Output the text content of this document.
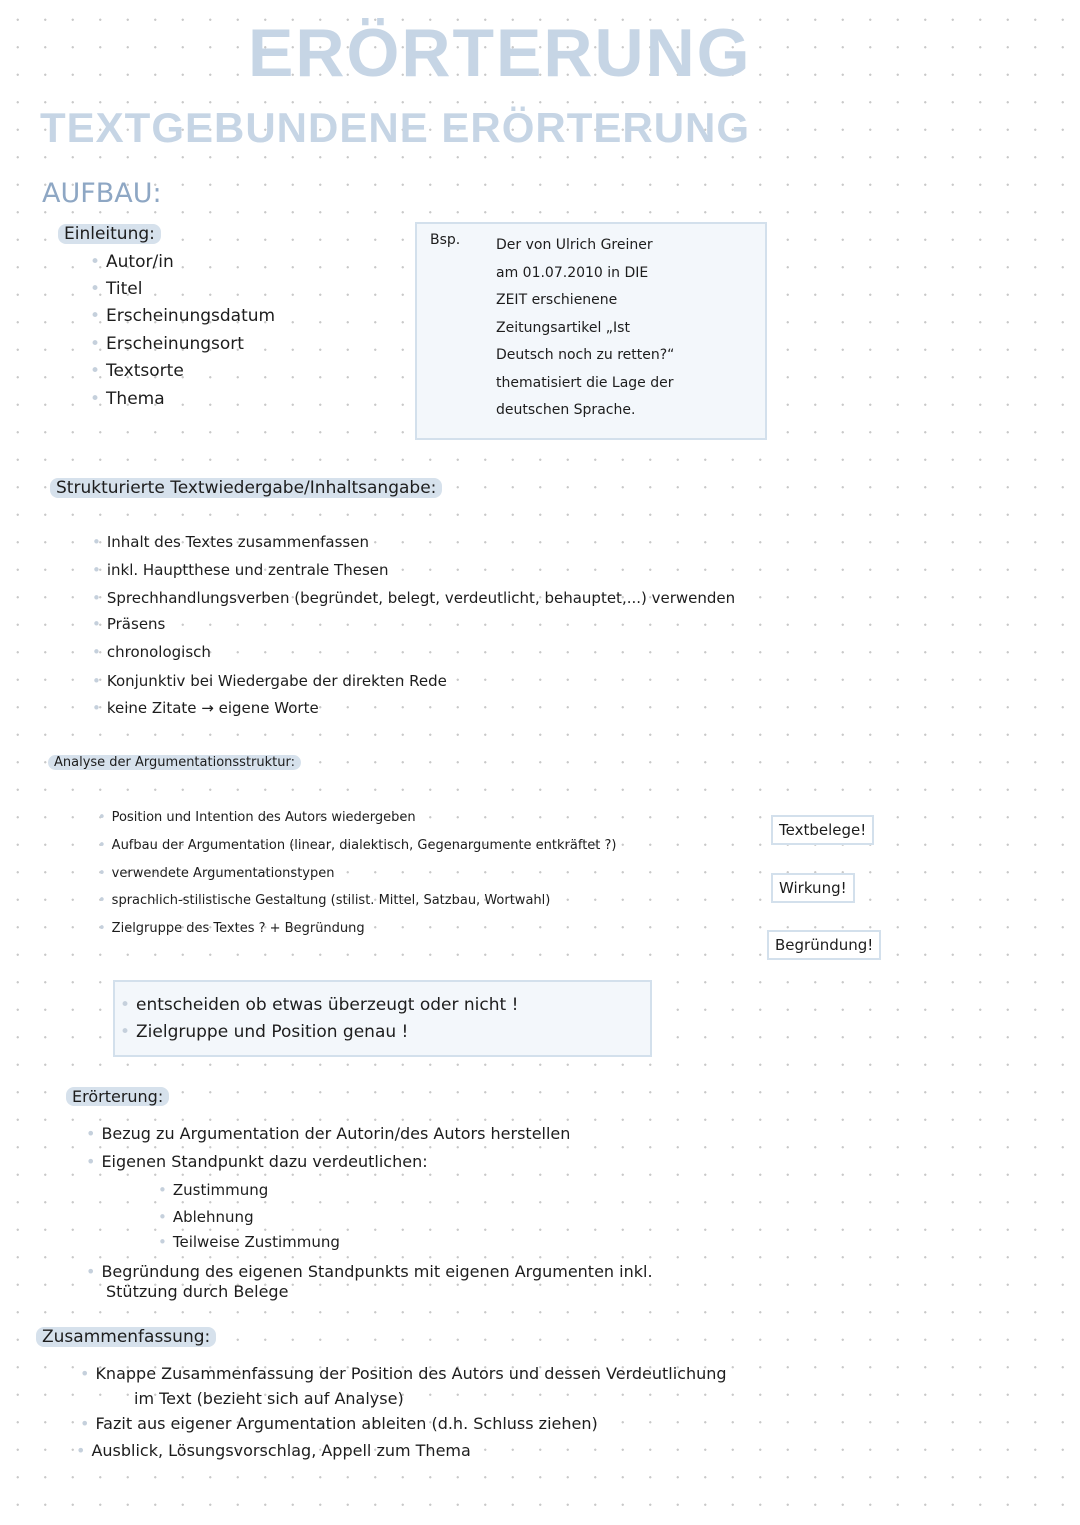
ERÖRTERUNG
TEXTGEBUNDENE ERÖRTERUNG
AUFBAU:
Einleitung:
• Autor/in
• Titel
• Erscheinungsdatum
• Erscheinungsort
• Textsorte
• Thema
Bsp.	Der von Ulrich Greiner
am 01.07.2010 in DIE
ZEIT erschienene
Zeitungsartikel „Ist
Deutsch noch zu retten?“
thematisiert die Lage der
deutschen Sprache.
Strukturierte Textwiedergabe/Inhaltsangabe:
• Inhalt des Textes zusammenfassen
• inkl. Hauptthese und zentrale Thesen
• Sprechhandlungsverben (begründet, belegt, verdeutlicht, behauptet,...) verwenden
• Präsens
• chronologisch
• Konjunktiv bei Wiedergabe der direkten Rede
• keine Zitate → eigene Worte
Analyse der Argumentationsstruktur:
• Position und Intention des Autors wiedergeben
• Aufbau der Argumentation (linear, dialektisch, Gegenargumente entkräftet ?)
• verwendete Argumentationstypen
• sprachlich-stilistische Gestaltung (stilist. Mittel, Satzbau, Wortwahl)
• Zielgruppe des Textes ? + Begründung
Textbelege!
Wirkung!
Begründung!
• entscheiden ob etwas überzeugt oder nicht !
• Zielgruppe und Position genau !
Erörterung:
• Bezug zu Argumentation der Autorin/des Autors herstellen
• Eigenen Standpunkt dazu verdeutlichen:
• Zustimmung
• Ablehnung
• Teilweise Zustimmung
• Begründung des eigenen Standpunkts mit eigenen Argumenten inkl.
Stützung durch Belege
Zusammenfassung:
• Knappe Zusammenfassung der Position des Autors und dessen Verdeutlichung
im Text (bezieht sich auf Analyse)
• Fazit aus eigener Argumentation ableiten (d.h. Schluss ziehen)
• Ausblick, Lösungsvorschlag, Appell zum Thema
